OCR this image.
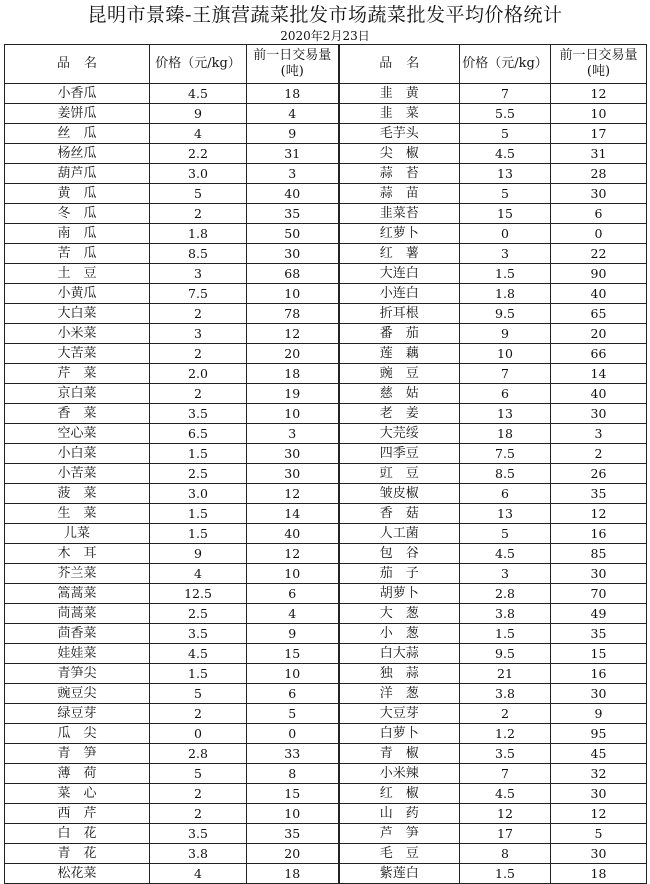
昆明市景臻-王旗营蔬菜批发市场蔬菜批发平均价格统计
2020年2月23日
品名	价格（元/kg）	前一日交易量(吨)	品名	价格（元/kg）	前一日交易量(吨)
小香瓜	4.5	18	韭　黄	7	12
姜饼瓜	9	4	韭　菜	5.5	10
丝　瓜	4	9	毛芋头	5	17
杨丝瓜	2.2	31	尖　椒	4.5	31
葫芦瓜	3.0	3	蒜　苔	13	28
黄　瓜	5	40	蒜　苗	5	30
冬　瓜	2	35	韭菜苔	15	6
南　瓜	1.8	50	红萝卜	0	0
苦　瓜	8.5	30	红　薯	3	22
土　豆	3	68	大连白	1.5	90
小黄瓜	7.5	10	小连白	1.8	40
大白菜	2	78	折耳根	9.5	65
小米菜	3	12	番　茄	9	20
大苦菜	2	20	莲　藕	10	66
芹　菜	2.0	18	豌　豆	7	14
京白菜	2	19	慈　姑	6	40
香　菜	3.5	10	老　姜	13	30
空心菜	6.5	3	大芫绥	18	3
小白菜	1.5	30	四季豆	7.5	2
小苦菜	2.5	30	豇　豆	8.5	26
菠　菜	3.0	12	皱皮椒	6	35
生　菜	1.5	14	香　菇	13	12
儿菜	1.5	40	人工菌	5	16
木　耳	9	12	包　谷	4.5	85
芥兰菜	4	10	茄　子	3	30
篙蒿菜	12.5	6	胡萝卜	2.8	70
茼蒿菜	2.5	4	大　葱	3.8	49
茴香菜	3.5	9	小　葱	1.5	35
娃娃菜	4.5	15	白大蒜	9.5	15
青笋尖	1.5	10	独　蒜	21	16
豌豆尖	5	6	洋　葱	3.8	30
绿豆芽	2	5	大豆芽	2	9
瓜　尖	0	0	白萝卜	1.2	95
青　笋	2.8	33	青　椒	3.5	45
薄　荷	5	8	小米辣	7	32
菜　心	2	15	红　椒	4.5	30
西　芹	2	10	山　药	12	12
白　花	3.5	35	芦　笋	17	5
青　花	3.8	20	毛　豆	8	30
松花菜	4	18	紫莲白	1.5	18
